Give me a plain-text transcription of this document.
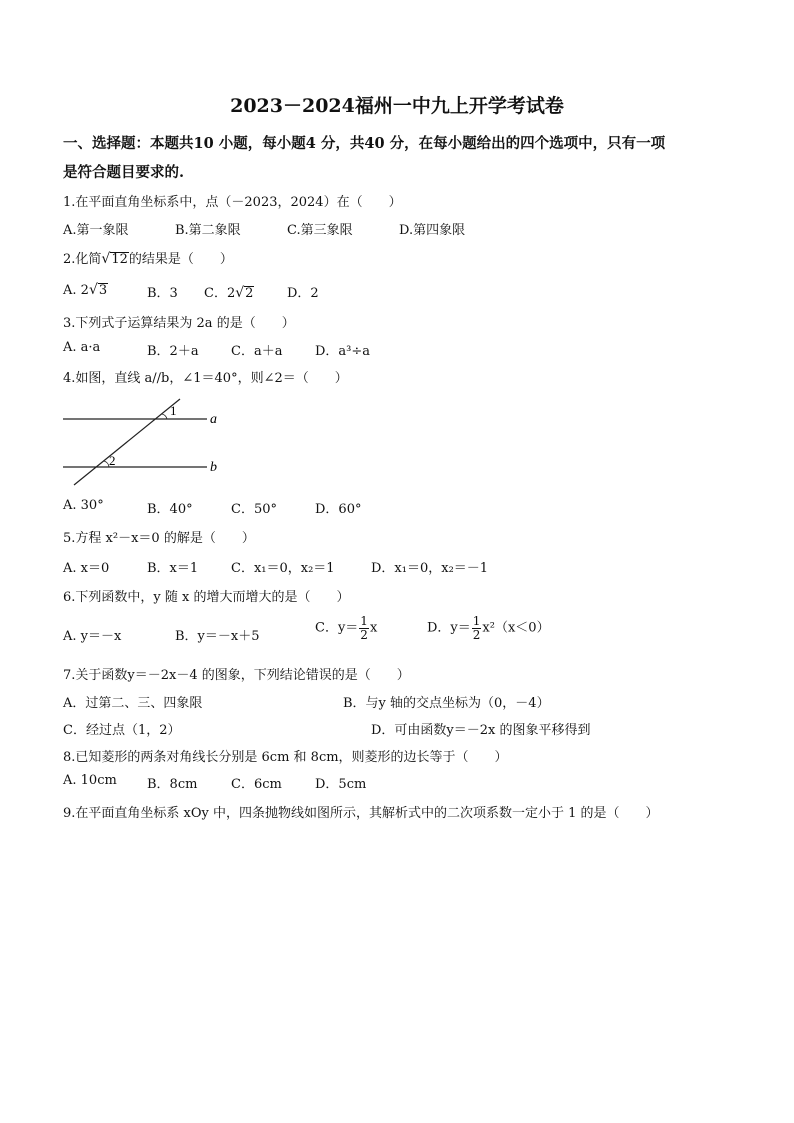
2023－2024福州一中九上开学考试卷
一、选择题：本题共10 小题，每小题4 分，共40 分，在每小题给出的四个选项中，只有一项
是符合题目要求的.
1.在平面直角坐标系中，点（－2023，2024）在（　　）
A.第一象限	B.第二象限	C.第三象限	D.第四象限
2.化简√12的结果是（　　）
A. 2√3	B．3 C．2√2	D．2
3.下列式子运算结果为 2a 的是（　　）
A. a·a	B．2＋a C．a＋a	D．a³÷a
4.如图，直线 a//b，∠1＝40°，则∠2＝（　　）
1
2
a
b
A. 30°	B．40°	C．50°	D．60°
5.方程 x²－x＝0 的解是（　　）
A. x＝0	B．x＝1	C．x₁＝0，x₂＝1	D．x₁＝0，x₂＝－1
6.下列函数中，y 随 x 的增大而增大的是（　　）
A. y＝－x	B．y＝－x＋5
C．$y= \frac{1}{2}$ x	D．$y= \frac{1}{2} x^2(x<0)$
7.关于函数y＝－2x－4 的图象，下列结论错误的是（　　）
A．过第二、三、四象限	B．与y 轴的交点坐标为（0，－4）
C．经过点（1，2）	D．可由函数y＝－2x 的图象平移得到
8.已知菱形的两条对角线长分别是 6cm 和 8cm，则菱形的边长等于（　　）
A. 10cm B．8cm	C．6cm	D．5cm
9.在平面直角坐标系 xOy 中，四条抛物线如图所示，其解析式中的二次项系数一定小于 1 的是（　　）
